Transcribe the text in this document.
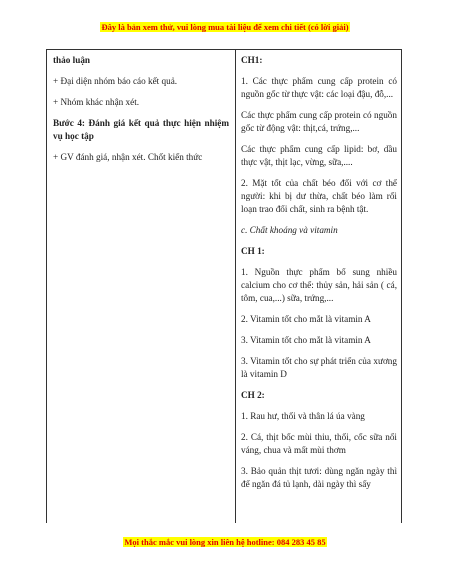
Đây là bản xem thử, vui lòng mua tài liệu để xem chi tiết (có lời giải)

thảo luận

+ Đại diện nhóm báo cáo kết quả.

+ Nhóm khác nhận xét.

Bước 4: Đánh giá kết quả thực hiện nhiệm vụ học tập

+ GV đánh giá, nhận xét. Chốt kiến thức

CH1:

1. Các thực phẩm cung cấp protein có nguồn gốc từ thực vật: các loại đậu, đỗ,...

Các thực phẩm cung cấp protein có nguồn gốc từ động vật: thịt,cá, trứng,...

Các thực phẩm cung cấp lipid: bơ, dầu thực vật, thịt lạc, vừng, sữa,....

2. Mặt tốt của chất béo đối với cơ thể người: khi bị dư thừa, chất béo làm rối loạn trao đổi chất, sinh ra bệnh tật.

c. Chất khoáng và vitamin

CH 1:

1. Nguồn thực phẩm bổ sung nhiều calcium cho cơ thể: thủy sản, hải sản ( cá, tôm, cua,...) sữa, trứng,...

2. Vitamin tốt cho mắt là vitamin A

3. Vitamin tốt cho mắt là vitamin A

3. Vitamin tốt cho sự phát triển của xương là vitamin D

CH 2:

1. Rau hư, thối và thân lá úa vàng

2. Cá, thịt bốc mùi thiu, thối, cốc sữa nổi váng, chua và mất mùi thơm

3. Bảo quản thịt tươi: dùng ngăn ngày thì để ngăn đá tủ lạnh, dài ngày thì sấy

Mọi thắc mắc vui lòng xin liên hệ hotline: 084 283 45 85
